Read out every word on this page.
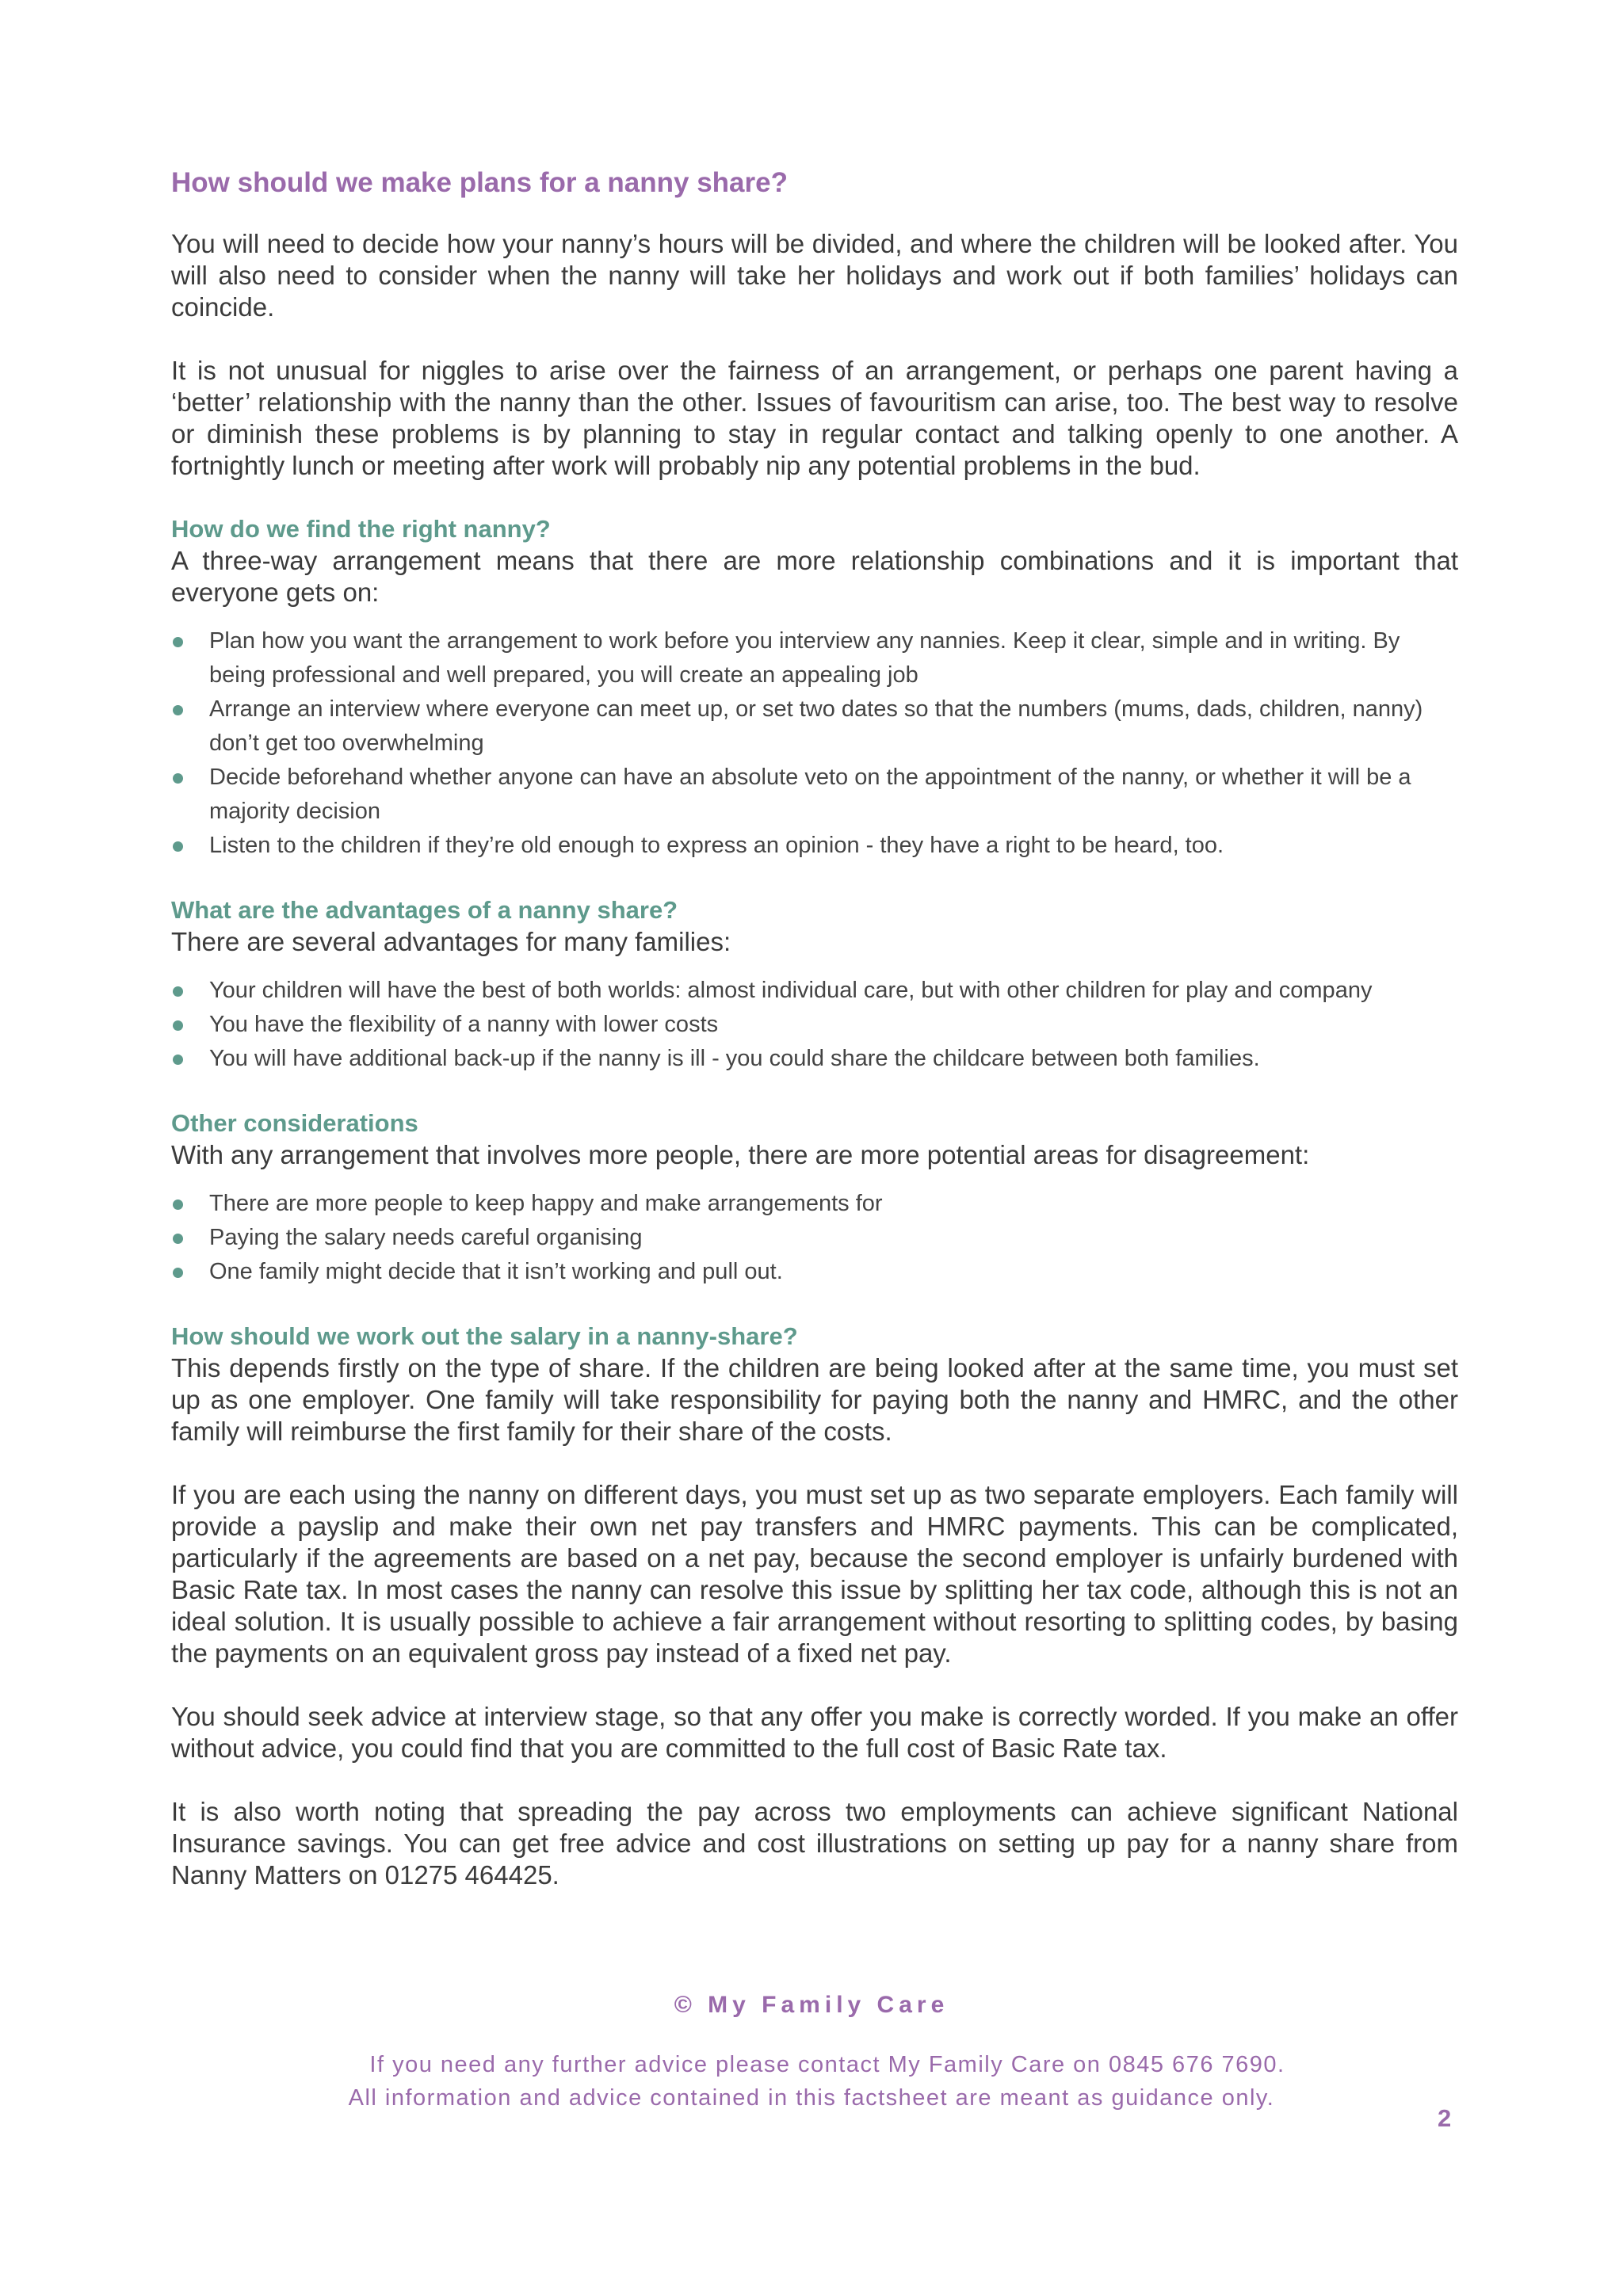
How should we make plans for a nanny share?

You will need to decide how your nanny’s hours will be divided, and where the children will be looked after. You will also need to consider when the nanny will take her holidays and work out if both families’ holidays can coincide.

It is not unusual for niggles to arise over the fairness of an arrangement, or perhaps one parent having a ‘better’ relationship with the nanny than the other. Issues of favouritism can arise, too. The best way to resolve or diminish these problems is by planning to stay in regular contact and talking openly to one another. A fortnightly lunch or meeting after work will probably nip any potential problems in the bud.

How do we find the right nanny?

A three-way arrangement means that there are more relationship combinations and it is important that everyone gets on:

Plan how you want the arrangement to work before you interview any nannies. Keep it clear, simple and in writing. By being professional and well prepared, you will create an appealing job
Arrange an interview where everyone can meet up, or set two dates so that the numbers (mums, dads, children, nanny) don’t get too overwhelming
Decide beforehand whether anyone can have an absolute veto on the appointment of the nanny, or whether it will be a majority decision
Listen to the children if they’re old enough to express an opinion - they have a right to be heard, too.
What are the advantages of a nanny share?

There are several advantages for many families:

Your children will have the best of both worlds: almost individual care, but with other children for play and company
You have the flexibility of a nanny with lower costs
You will have additional back-up if the nanny is ill - you could share the childcare between both families.
Other considerations

With any arrangement that involves more people, there are more potential areas for disagreement:

There are more people to keep happy and make arrangements for
Paying the salary needs careful organising
One family might decide that it isn’t working and pull out.
How should we work out the salary in a nanny-share?

This depends firstly on the type of share. If the children are being looked after at the same time, you must set up as one employer. One family will take responsibility for paying both the nanny and HMRC, and the other family will reimburse the first family for their share of the costs.

If you are each using the nanny on different days, you must set up as two separate employers. Each family will provide a payslip and make their own net pay transfers and HMRC payments. This can be complicated, particularly if the agreements are based on a net pay, because the second employer is unfairly burdened with Basic Rate tax. In most cases the nanny can resolve this issue by splitting her tax code, although this is not an ideal solution. It is usually possible to achieve a fair arrangement without resorting to splitting codes, by basing the payments on an equivalent gross pay instead of a fixed net pay.

You should seek advice at interview stage, so that any offer you make is correctly worded. If you make an offer without advice, you could find that you are committed to the full cost of Basic Rate tax.

It is also worth noting that spreading the pay across two employments can achieve significant National Insurance savings. You can get free advice and cost illustrations on setting up pay for a nanny share from Nanny Matters on 01275 464425.

© My Family Care
If you need any further advice please contact My Family Care on 0845 676 7690.
All information and advice contained in this factsheet are meant as guidance only.
2
